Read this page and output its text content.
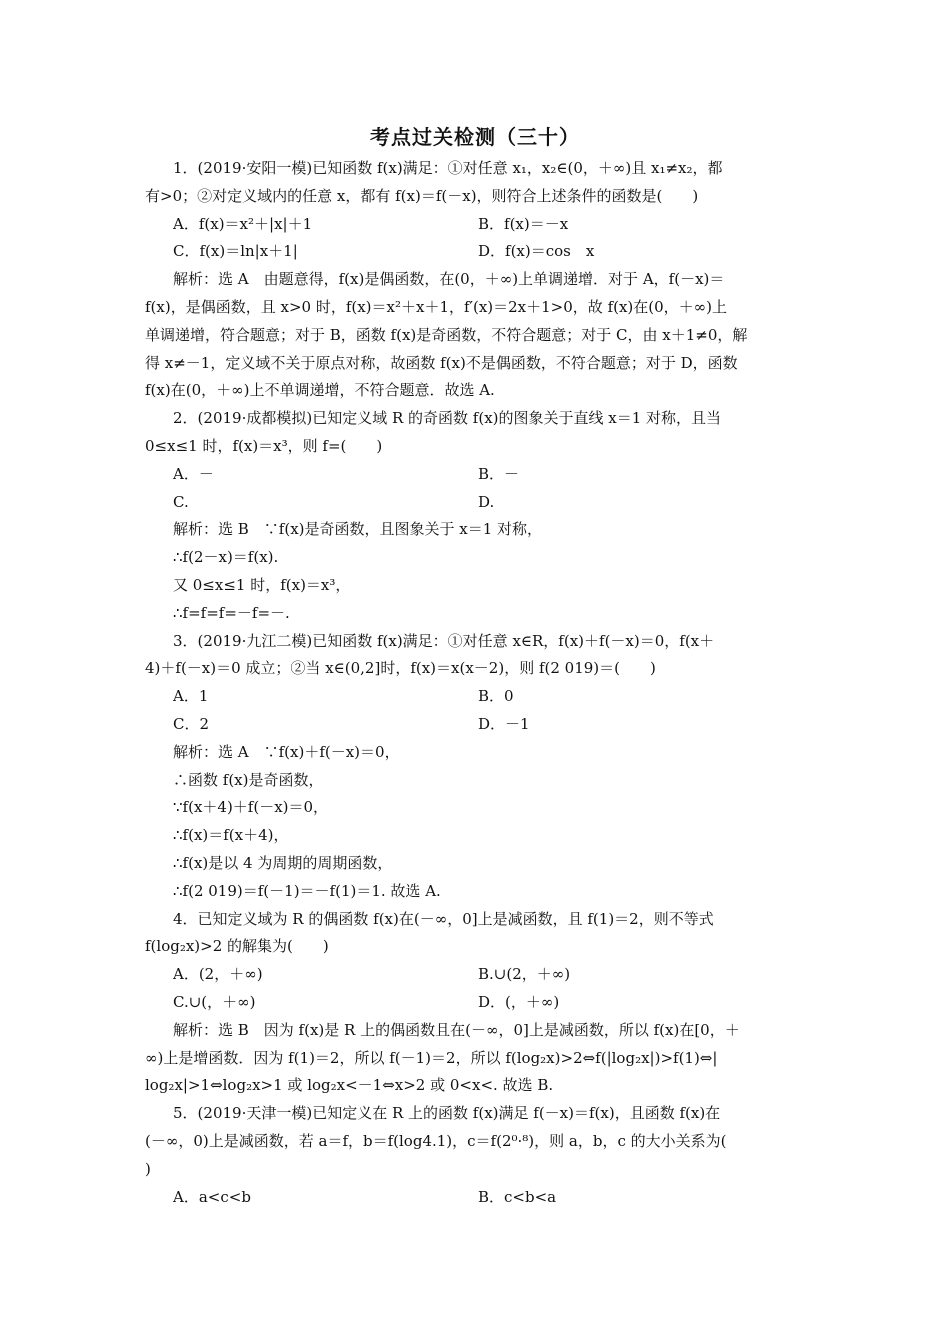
考点过关检测（三十）
1．(2019·安阳一模)已知函数 f(x)满足：①对任意 x₁，x₂∈(0，＋∞)且 x₁≠x₂，都
有>0；②对定义域内的任意 x，都有 f(x)＝f(－x)，则符合上述条件的函数是(　　)
A．f(x)＝x²＋|x|＋1	B．f(x)＝－x
C．f(x)＝ln|x＋1|	D．f(x)＝cos　x
解析：选 A　由题意得，f(x)是偶函数，在(0，＋∞)上单调递增．对于 A，f(－x)＝
f(x)，是偶函数，且 x>0 时，f(x)＝x²＋x＋1，f′(x)＝2x＋1>0，故 f(x)在(0，＋∞)上
单调递增，符合题意；对于 B，函数 f(x)是奇函数，不符合题意；对于 C，由 x＋1≠0，解
得 x≠－1，定义域不关于原点对称，故函数 f(x)不是偶函数，不符合题意；对于 D，函数
f(x)在(0，＋∞)上不单调递增，不符合题意．故选 A.
2．(2019·成都模拟)已知定义域 R 的奇函数 f(x)的图象关于直线 x＝1 对称，且当
0≤x≤1 时，f(x)＝x³，则 f=(　　)
A．－	B．－
C.	D.
解析：选 B　∵f(x)是奇函数，且图象关于 x＝1 对称，
∴f(2－x)＝f(x).
又 0≤x≤1 时，f(x)＝x³，
∴f=f=f=－f=－.
3．(2019·九江二模)已知函数 f(x)满足：①对任意 x∈R，f(x)＋f(－x)＝0，f(x＋
4)＋f(－x)＝0 成立；②当 x∈(0,2]时，f(x)＝x(x－2)，则 f(2 019)＝(　　)
A．1	B．0
C．2	D．－1
解析：选 A　∵f(x)＋f(－x)＝0，
∴函数 f(x)是奇函数，
∵f(x＋4)＋f(－x)＝0，
∴f(x)＝f(x＋4)，
∴f(x)是以 4 为周期的周期函数，
∴f(2 019)＝f(－1)＝－f(1)＝1. 故选 A.
4．已知定义域为 R 的偶函数 f(x)在(－∞，0]上是减函数，且 f(1)＝2，则不等式
f(log₂x)>2 的解集为(　　)
A．(2，＋∞)	B.∪(2，＋∞)
C.∪(，＋∞)	D．(，＋∞)
解析：选 B　因为 f(x)是 R 上的偶函数且在(－∞，0]上是减函数，所以 f(x)在[0，＋
∞)上是增函数．因为 f(1)＝2，所以 f(－1)＝2，所以 f(log₂x)>2⇔f(|log₂x|)>f(1)⇔|
log₂x|>1⇔log₂x>1 或 log₂x<－1⇔x>2 或 0<x<. 故选 B.
5．(2019·天津一模)已知定义在 R 上的函数 f(x)满足 f(－x)＝f(x)，且函数 f(x)在
(－∞，0)上是减函数，若 a＝f，b＝f(log4.1)，c＝f(2⁰·⁸)，则 a，b，c 的大小关系为(
)
A．a<c<b	B．c<b<a
